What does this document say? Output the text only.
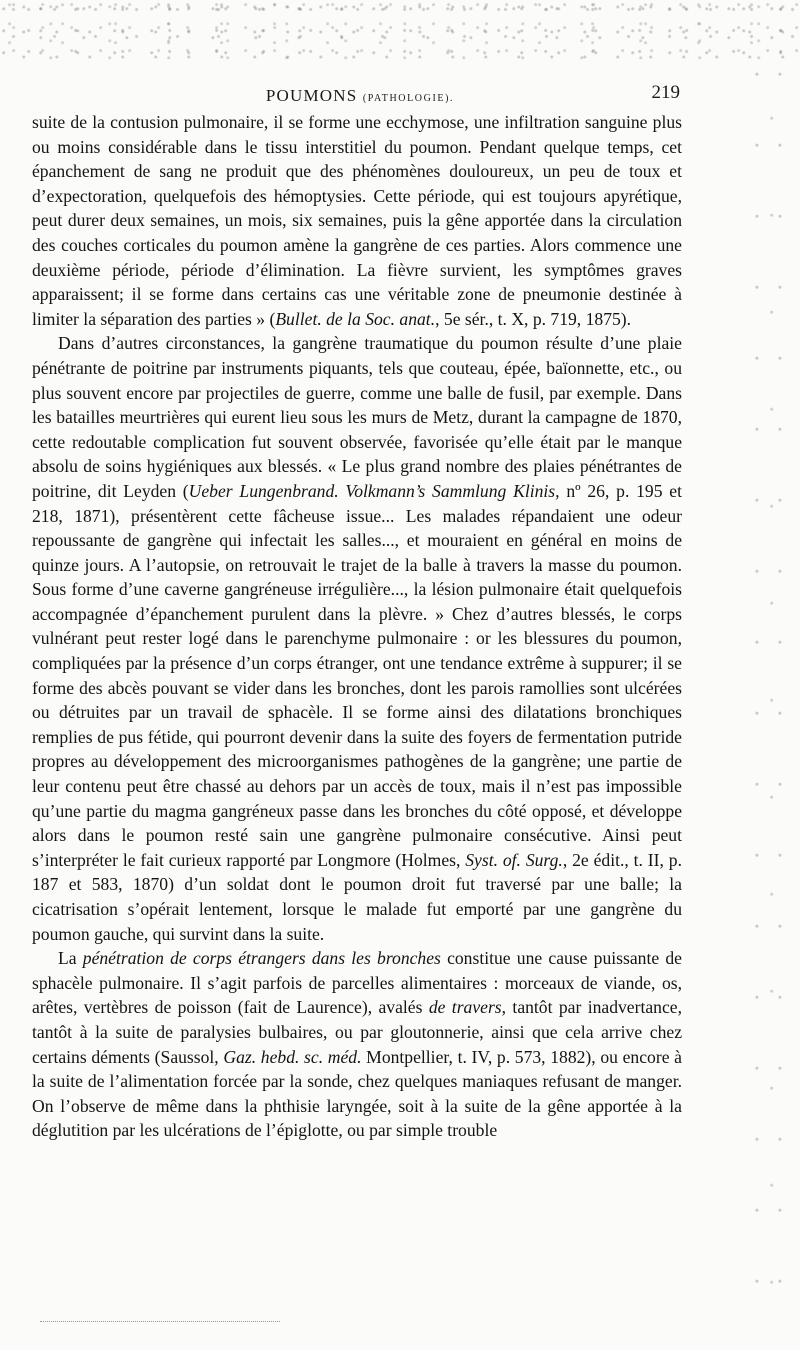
POUMONS (PATHOLOGIE).	219

suite de la contusion pulmonaire, il se forme une ecchymose, une infiltration sanguine plus ou moins considérable dans le tissu interstitiel du poumon. Pendant quelque temps, cet épanchement de sang ne produit que des phénomènes douloureux, un peu de toux et d’expectoration, quelquefois des hémoptysies. Cette période, qui est toujours apyrétique, peut durer deux semaines, un mois, six semaines, puis la gêne apportée dans la circulation des couches corticales du poumon amène la gangrène de ces parties. Alors commence une deuxième période, période d’élimination. La fièvre survient, les symptômes graves apparaissent; il se forme dans certains cas une véritable zone de pneumonie destinée à limiter la séparation des parties » (Bullet. de la Soc. anat., 5e sér., t. X, p. 719, 1875).

Dans d’autres circonstances, la gangrène traumatique du poumon résulte d’une plaie pénétrante de poitrine par instruments piquants, tels que couteau, épée, baïonnette, etc., ou plus souvent encore par projectiles de guerre, comme une balle de fusil, par exemple. Dans les batailles meurtrières qui eurent lieu sous les murs de Metz, durant la campagne de 1870, cette redoutable complication fut souvent observée, favorisée qu’elle était par le manque absolu de soins hygiéniques aux blessés. « Le plus grand nombre des plaies pénétrantes de poitrine, dit Leyden (Ueber Lungenbrand. Volkmann’s Sammlung Klinis, nº 26, p. 195 et 218, 1871), présentèrent cette fâcheuse issue... Les malades répandaient une odeur repoussante de gangrène qui infectait les salles..., et mouraient en général en moins de quinze jours. A l’autopsie, on retrouvait le trajet de la balle à travers la masse du poumon. Sous forme d’une caverne gangréneuse irrégulière..., la lésion pulmonaire était quelquefois accompagnée d’épanchement purulent dans la plèvre. » Chez d’autres blessés, le corps vulnérant peut rester logé dans le parenchyme pulmonaire : or les blessures du poumon, compliquées par la présence d’un corps étranger, ont une tendance extrême à suppurer; il se forme des abcès pouvant se vider dans les bronches, dont les parois ramollies sont ulcérées ou détruites par un travail de sphacèle. Il se forme ainsi des dilatations bronchiques remplies de pus fétide, qui pourront devenir dans la suite des foyers de fermentation putride propres au développement des microorganismes pathogènes de la gangrène; une partie de leur contenu peut être chassé au dehors par un accès de toux, mais il n’est pas impossible qu’une partie du magma gangréneux passe dans les bronches du côté opposé, et développe alors dans le poumon resté sain une gangrène pulmonaire consécutive. Ainsi peut s’interpréter le fait curieux rapporté par Longmore (Holmes, Syst. of. Surg., 2e édit., t. II, p. 187 et 583, 1870) d’un soldat dont le poumon droit fut traversé par une balle; la cicatrisation s’opérait lentement, lorsque le malade fut emporté par une gangrène du poumon gauche, qui survint dans la suite.

La pénétration de corps étrangers dans les bronches constitue une cause puissante de sphacèle pulmonaire. Il s’agit parfois de parcelles alimentaires : morceaux de viande, os, arêtes, vertèbres de poisson (fait de Laurence), avalés de travers, tantôt par inadvertance, tantôt à la suite de paralysies bulbaires, ou par gloutonnerie, ainsi que cela arrive chez certains déments (Saussol, Gaz. hebd. sc. méd. Montpellier, t. IV, p. 573, 1882), ou encore à la suite de l’alimentation forcée par la sonde, chez quelques maniaques refusant de manger. On l’observe de même dans la phthisie laryngée, soit à la suite de la gêne apportée à la déglutition par les ulcérations de l’épiglotte, ou par simple trouble
